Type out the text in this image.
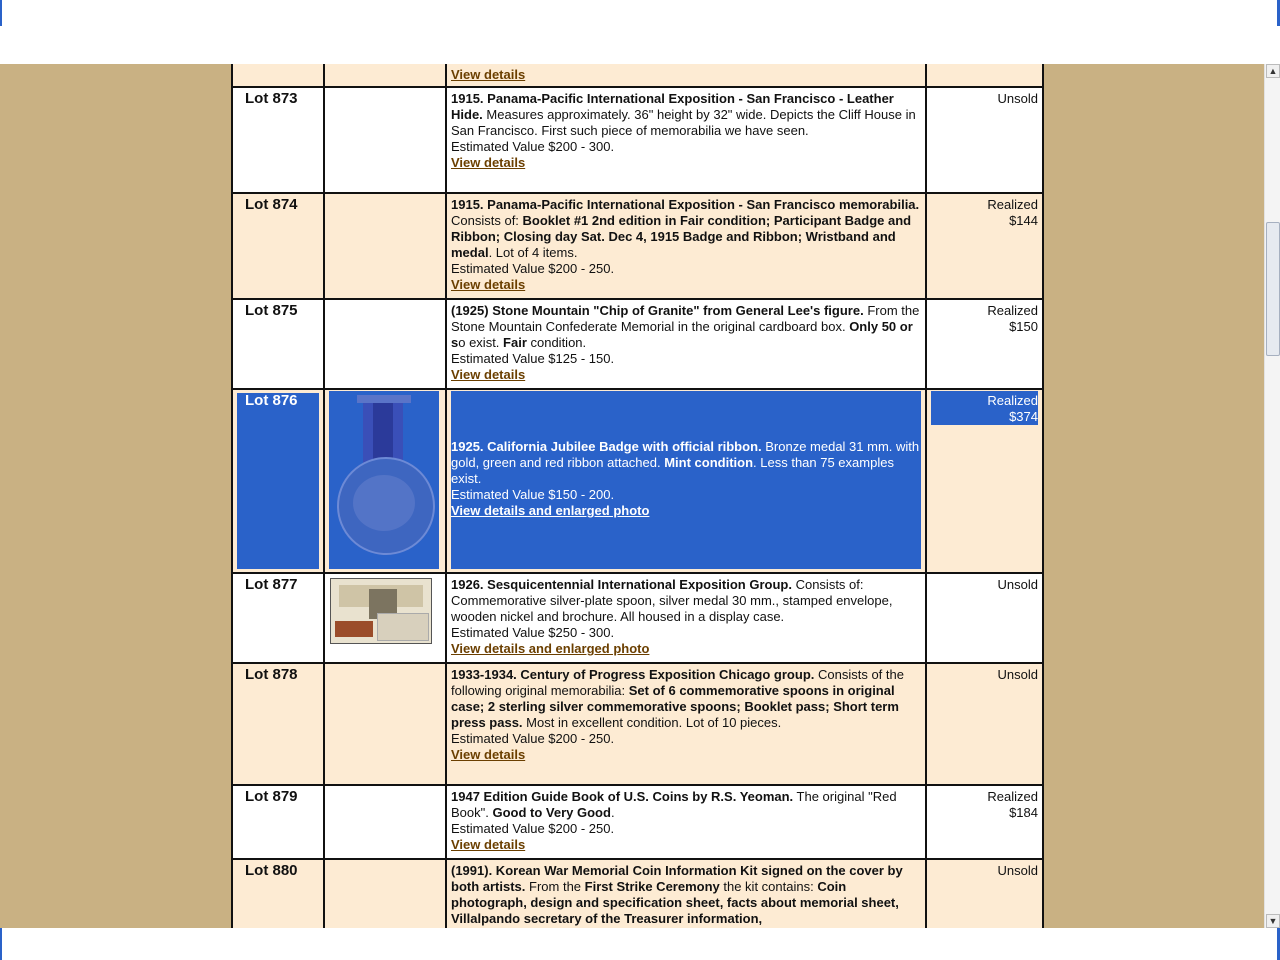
		View details	
Lot 873		1915. Panama-Pacific International Exposition - San Francisco - Leather Hide. Measures approximately. 36" height by 32" wide. Depicts the Cliff House in San Francisco. First such piece of memorabilia we have seen.
Estimated Value $200 - 300.
View details	Unsold
Lot 874		1915. Panama-Pacific International Exposition - San Francisco memorabilia. Consists of: Booklet #1 2nd edition in Fair condition; Participant Badge and Ribbon; Closing day Sat. Dec 4, 1915 Badge and Ribbon; Wristband and medal. Lot of 4 items.
Estimated Value $200 - 250.
View details	Realized
$144
Lot 875		(1925) Stone Mountain "Chip of Granite" from General Lee's figure. From the Stone Mountain Confederate Memorial in the original cardboard box. Only 50 or so exist. Fair condition.
Estimated Value $125 - 150.
View details	Realized
$150

Lot 876		1925. California Jubilee Badge with official ribbon. Bronze medal 31 mm. with gold, green and red ribbon attached. Mint condition. Less than 75 examples exist.
Estimated Value $150 - 200.
View details and enlarged photo	Realized
$374

Lot 877		1926. Sesquicentennial International Exposition Group. Consists of: Commemorative silver-plate spoon, silver medal 30 mm., stamped envelope, wooden nickel and brochure. All housed in a display case.
Estimated Value $250 - 300.
View details and enlarged photo	Unsold
Lot 878		1933-1934. Century of Progress Exposition Chicago group. Consists of the following original memorabilia: Set of 6 commemorative spoons in original case; 2 sterling silver commemorative spoons; Booklet pass; Short term press pass. Most in excellent condition. Lot of 10 pieces.
Estimated Value $200 - 250.
View details	Unsold
Lot 879		1947 Edition Guide Book of U.S. Coins by R.S. Yeoman. The original "Red Book". Good to Very Good.
Estimated Value $200 - 250.
View details	Realized
$184
Lot 880		(1991). Korean War Memorial Coin Information Kit signed on the cover by both artists. From the First Strike Ceremony the kit contains: Coin photograph, design and specification sheet, facts about memorial sheet, Villalpando secretary of the Treasurer information,	Unsold
▲
▼
